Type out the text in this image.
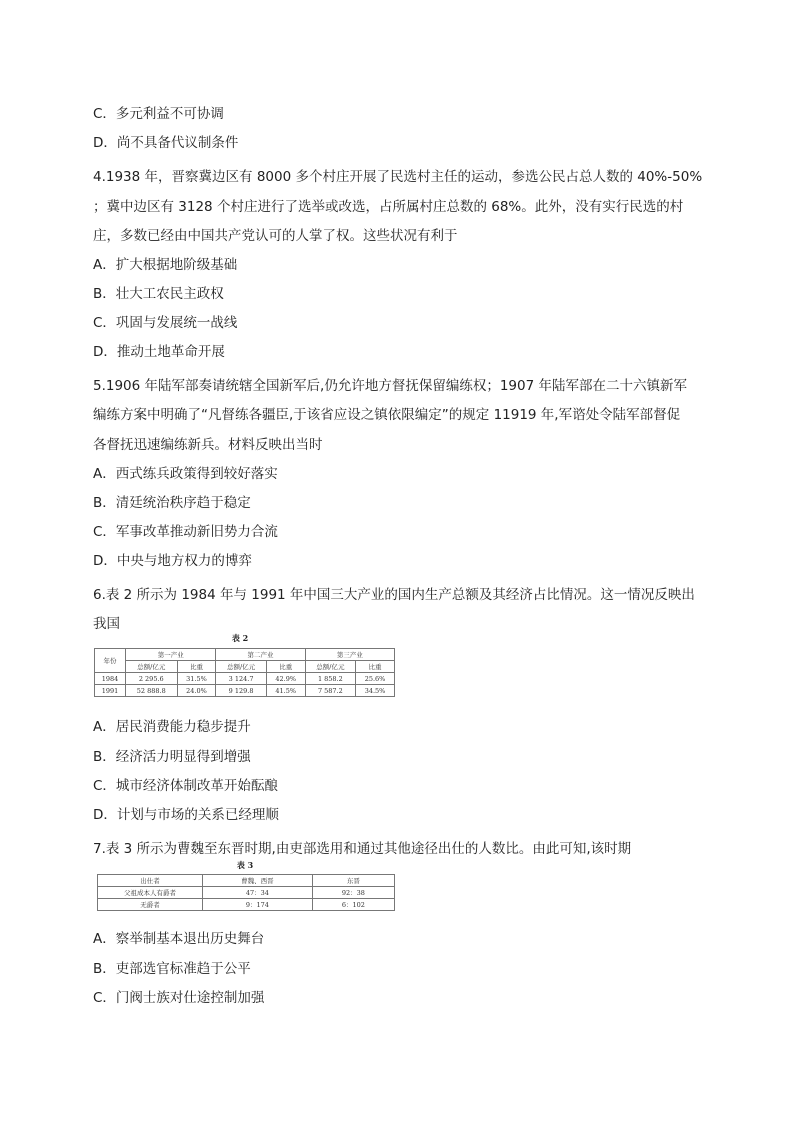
C．多元利益不可协调
D．尚不具备代议制条件
4.1938 年，晋察冀边区有 8000 多个村庄开展了民选村主任的运动，参选公民占总人数的 40%-50%
；冀中边区有 3128 个村庄进行了选举或改选，占所属村庄总数的 68%。此外，没有实行民选的村
庄，多数已经由中国共产党认可的人掌了权。这些状况有利于
A．扩大根据地阶级基础
B．壮大工农民主政权
C．巩固与发展统一战线
D．推动土地革命开展
5.1906 年陆军部奏请统辖全国新军后,仍允许地方督抚保留编练权；1907 年陆军部在二十六镇新军
编练方案中明确了“凡督练各疆臣,于该省应设之镇依限编定”的规定 11919 年,军谘处令陆军部督促
各督抚迅速编练新兵。材料反映出当时
A．西式练兵政策得到较好落实
B．清廷统治秩序趋于稳定
C．军事改革推动新旧势力合流
D．中央与地方权力的博弈
6.表 2 所示为 1984 年与 1991 年中国三大产业的国内生产总额及其经济占比情况。这一情况反映出
我国
表 2
年份	第一产业		第二产业		第三产业	
	总额/亿元	比重	总额/亿元	比重	总额/亿元	比重
1984	2 295.6	31.5%	3 124.7	42.9%	1 858.2	25.6%
1991	52 888.8	24.0%	9 129.8	41.5%	7 587.2	34.5%
A．居民消费能力稳步提升
B．经济活力明显得到增强
C．城市经济体制改革开始酝酿
D．计划与市场的关系已经理顺
7.表 3 所示为曹魏至东晋时期,由吏部选用和通过其他途径出仕的人数比。由此可知,该时期
表 3
出仕者	曹魏、西晋	东晋
父祖成本人有爵者	47：34	92：38
无爵者	9：174	6：102
A．察举制基本退出历史舞台
B．吏部选官标准趋于公平
C．门阀士族对仕途控制加强
